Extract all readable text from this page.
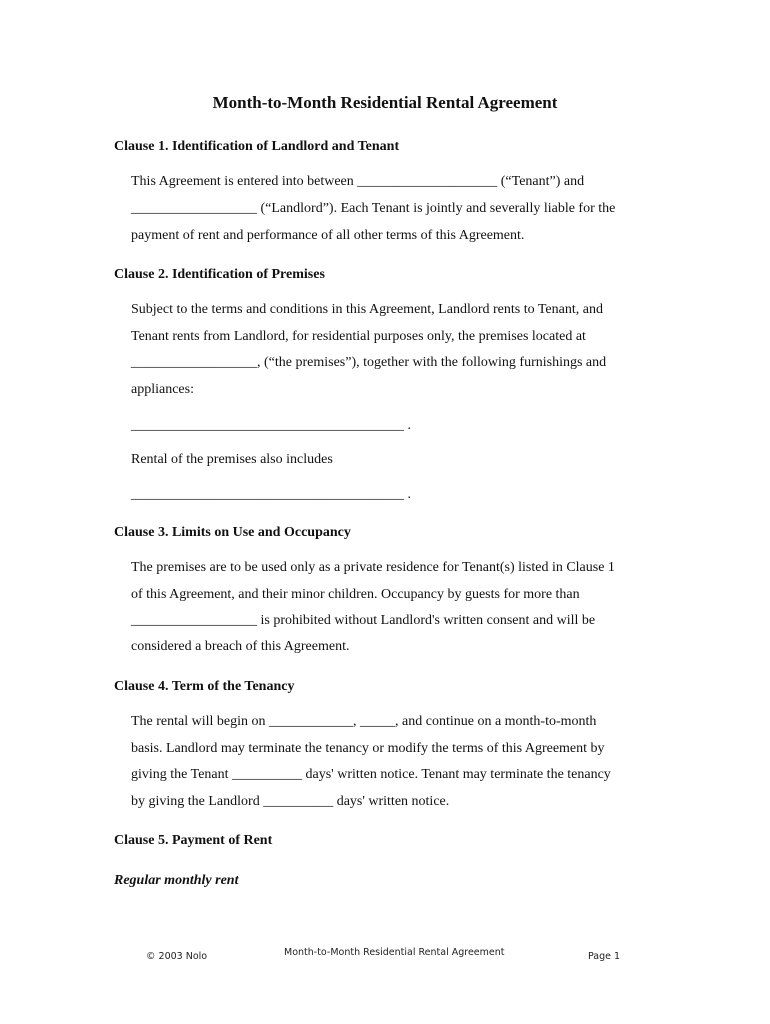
Month-to-Month Residential Rental Agreement
Clause 1. Identification of Landlord and Tenant
This Agreement is entered into between ____________________ (“Tenant”) and
__________________ (“Landlord”). Each Tenant is jointly and severally liable for the
payment of rent and performance of all other terms of this Agreement.
Clause 2. Identification of Premises
Subject to the terms and conditions in this Agreement, Landlord rents to Tenant, and
Tenant rents from Landlord, for residential purposes only, the premises located at
__________________, (“the premises”), together with the following furnishings and
appliances:
_______________________________________ .
Rental of the premises also includes
_______________________________________ .
Clause 3. Limits on Use and Occupancy
The premises are to be used only as a private residence for Tenant(s) listed in Clause 1
of this Agreement, and their minor children. Occupancy by guests for more than
__________________ is prohibited without Landlord's written consent and will be
considered a breach of this Agreement.
Clause 4. Term of the Tenancy
The rental will begin on ____________, _____, and continue on a month-to-month
basis. Landlord may terminate the tenancy or modify the terms of this Agreement by
giving the Tenant __________ days' written notice. Tenant may terminate the tenancy
by giving the Landlord __________ days' written notice.
Clause 5. Payment of Rent
Regular monthly rent
© 2003 Nolo	Month-to-Month Residential Rental Agreement	Page 1
